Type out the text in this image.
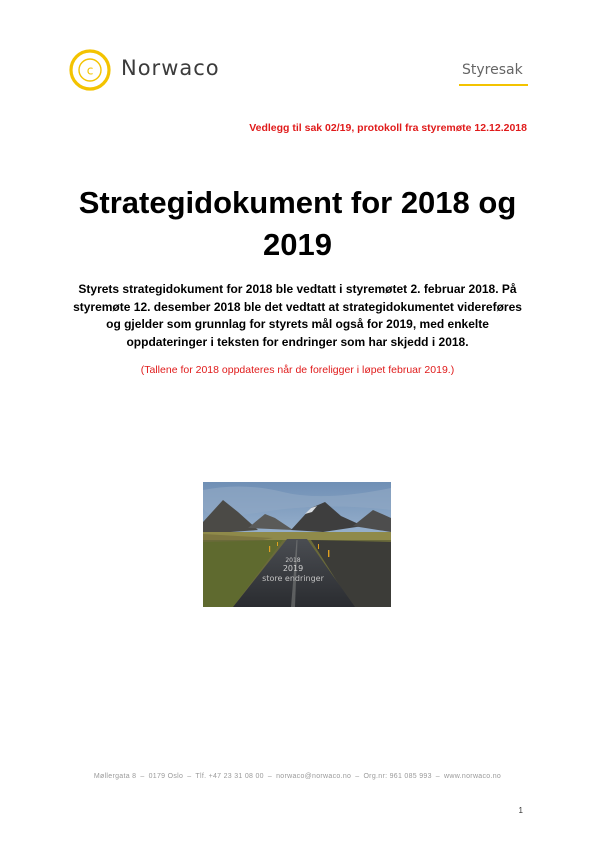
c Norwaco	Styresak
Vedlegg til sak 02/19, protokoll fra styremøte 12.12.2018
Strategidokument for 2018 og 2019
Styrets strategidokument for 2018 ble vedtatt i styremøtet 2. februar 2018. På styremøte 12. desember 2018 ble det vedtatt at strategidokumentet videreføres og gjelder som grunnlag for styrets mål også for 2019, med enkelte oppdateringer i teksten for endringer som har skjedd i 2018.
(Tallene for 2018 oppdateres når de foreligger i løpet februar 2019.)
2018
2019
store endringer
Møllergata 8 – 0179 Oslo – Tlf. +47 23 31 08 00 – norwaco@norwaco.no – Org.nr: 961 085 993 – www.norwaco.no
1
